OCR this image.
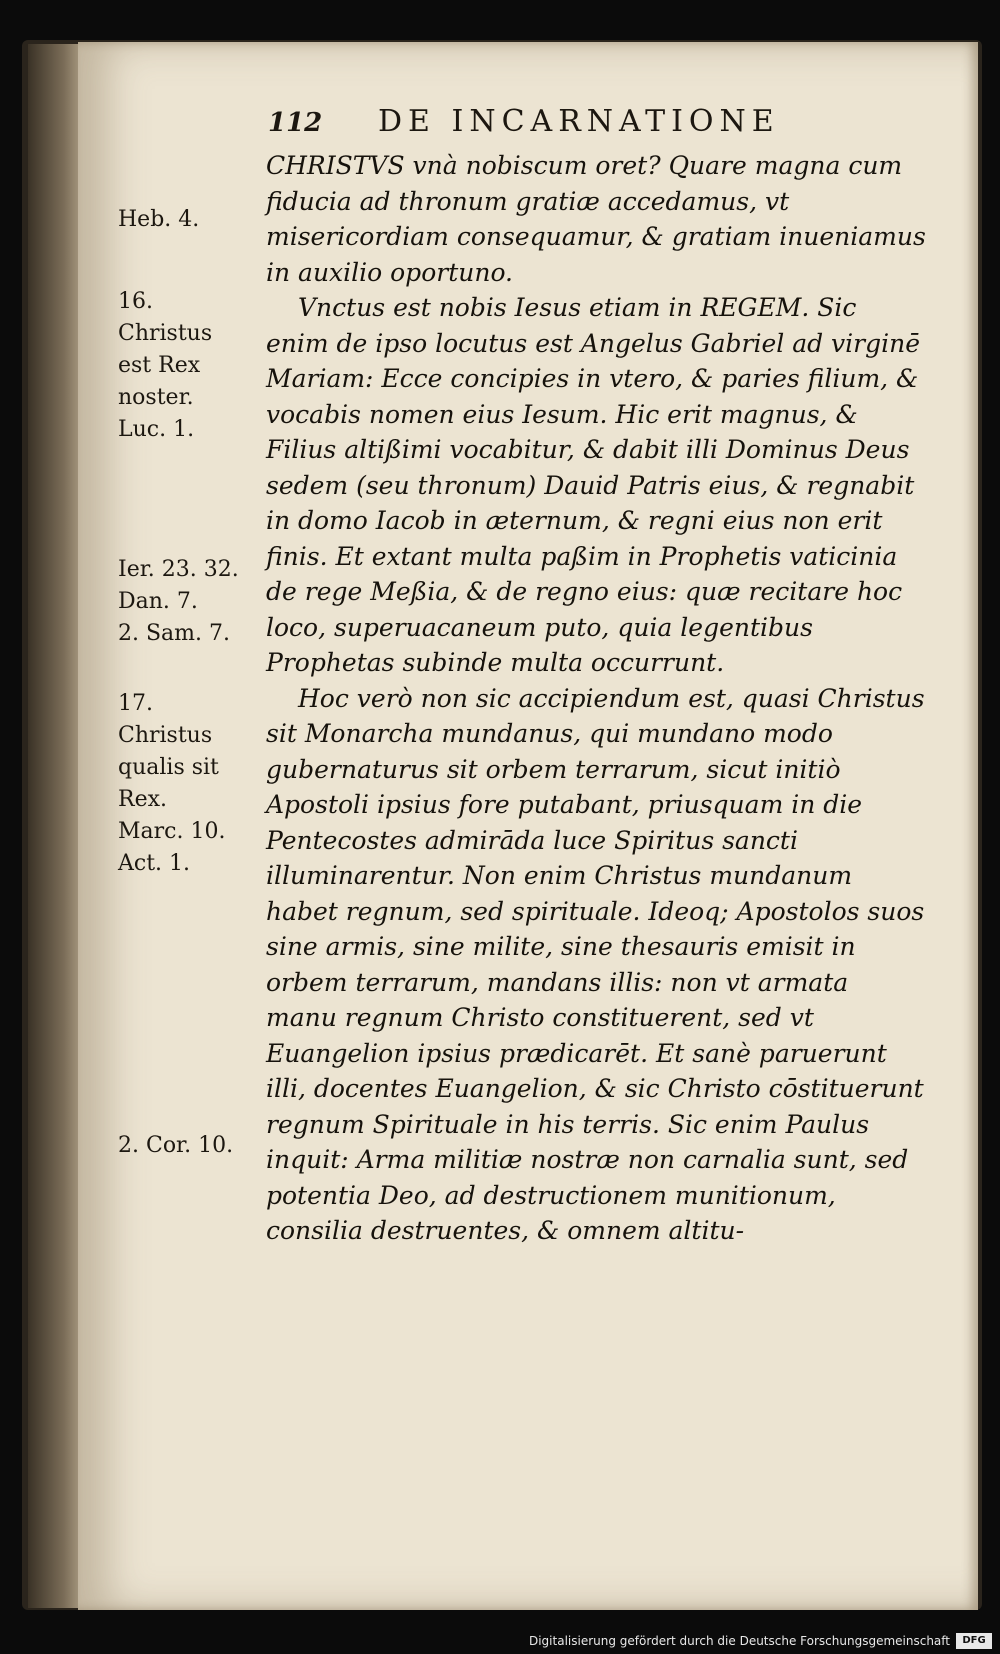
112 DE INCARNATIONE
Heb. 4.
16.
Christus
est Rex
noster.
Luc. 1.
Ier. 23. 32.
Dan. 7.
2. Sam. 7.
17.
Christus
qualis sit
Rex.
Marc. 10.
Act. 1.
2. Cor. 10.

CHRISTVS vnà nobiscum oret? Quare magna cum fiducia ad thronum gratiæ accedamus, vt misericordiam consequamur, & gratiam inueniamus in auxilio oportuno.

Vnctus est nobis Iesus etiam in REGEM. Sic enim de ipso locutus est Angelus Gabriel ad virginē Mariam: Ecce concipies in vtero, & paries filium, & vocabis nomen eius Iesum. Hic erit magnus, & Filius altißimi vocabitur, & dabit illi Dominus Deus sedem (seu thronum) Dauid Patris eius, & regnabit in domo Iacob in æternum, & regni eius non erit finis. Et extant multa paßim in Prophetis vaticinia de rege Meßia, & de regno eius: quæ recitare hoc loco, superuacaneum puto, quia legentibus Prophetas subinde multa occurrunt.

Hoc verò non sic accipiendum est, quasi Christus sit Monarcha mundanus, qui mundano modo gubernaturus sit orbem terrarum, sicut initiò Apostoli ipsius fore putabant, priusquam in die Pentecostes admirāda luce Spiritus sancti illuminarentur. Non enim Christus mundanum habet regnum, sed spirituale. Ideoq; Apostolos suos sine armis, sine milite, sine thesauris emisit in orbem terrarum, mandans illis: non vt armata manu regnum Christo constituerent, sed vt Euangelion ipsius prædicarēt. Et sanè paruerunt illi, docentes Euangelion, & sic Christo cōstituerunt regnum Spirituale in his terris. Sic enim Paulus inquit: Arma militiæ nostræ non carnalia sunt, sed potentia Deo, ad destructionem munitionum, consilia destruentes, & omnem altitu-

Digitalisierung gefördert durch die Deutsche Forschungsgemeinschaft	DFG
